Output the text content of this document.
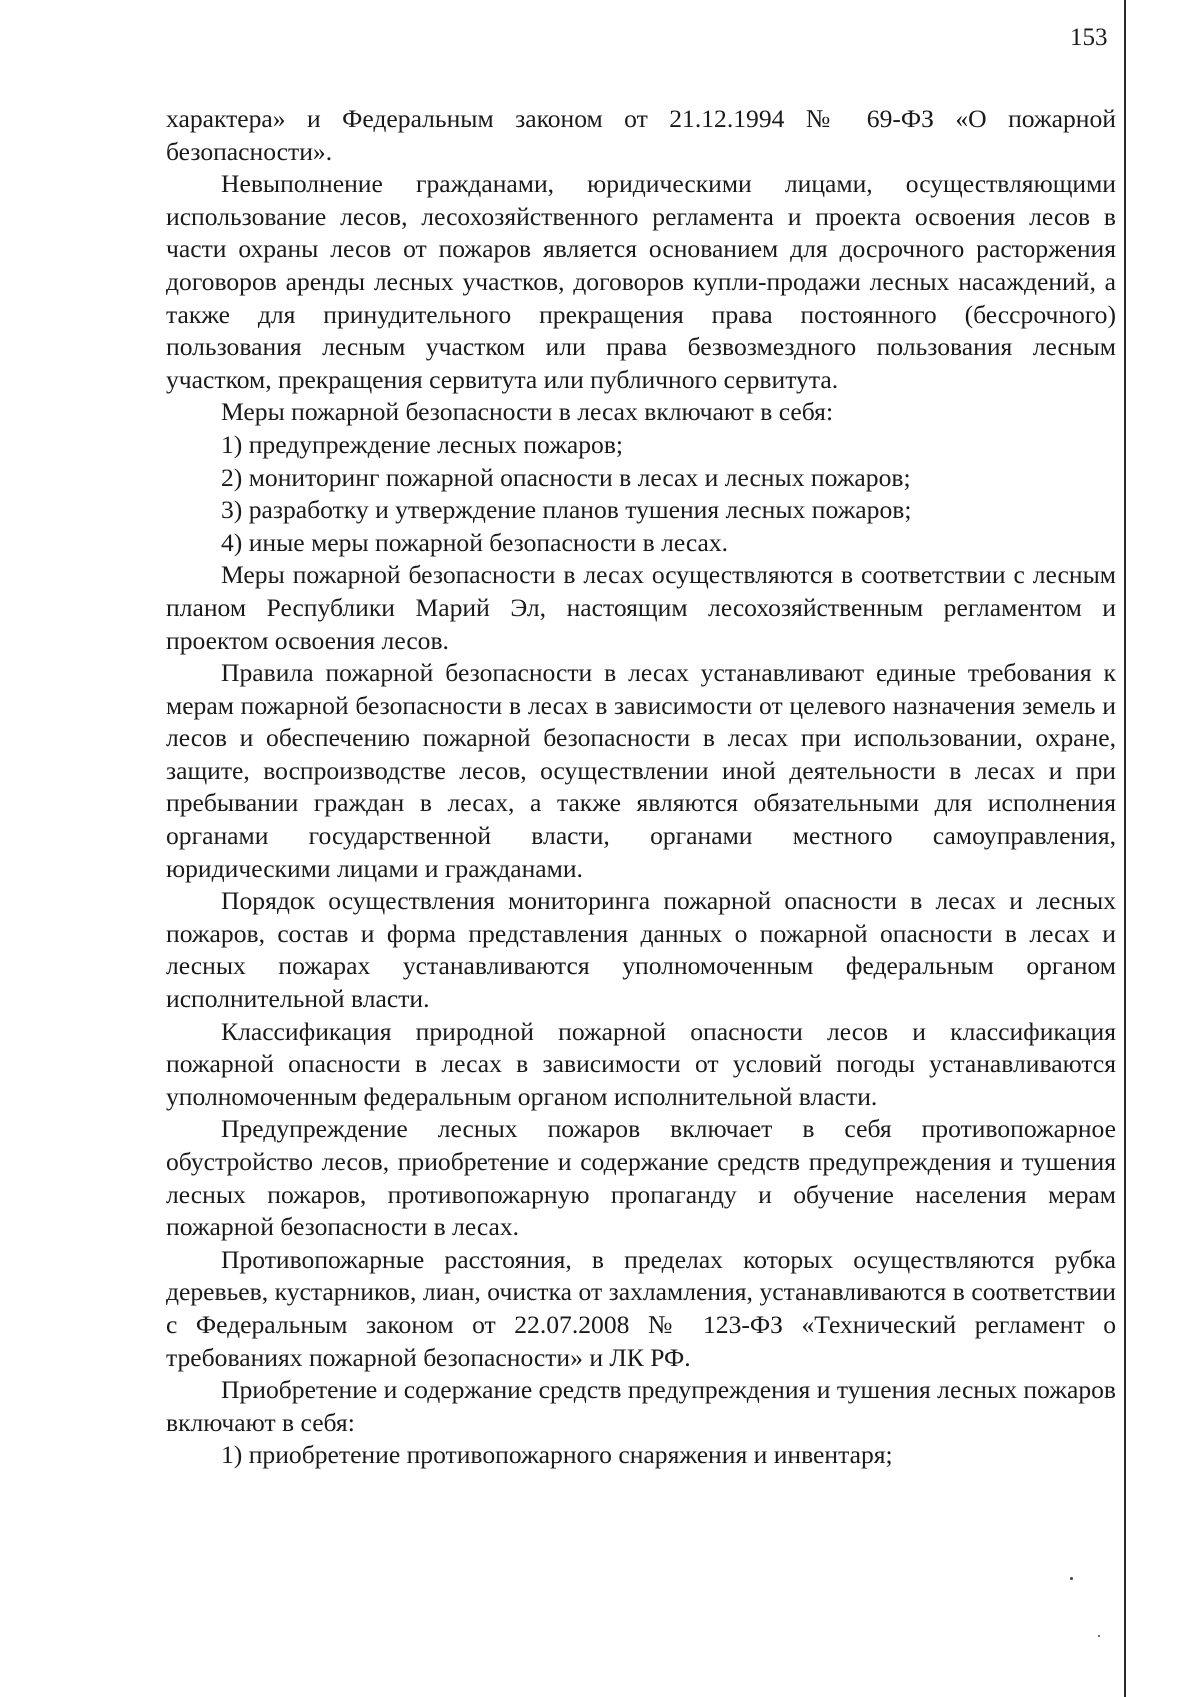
153

характера» и Федеральным законом от 21.12.1994 № 69-ФЗ «О пожарной безопасности».

Невыполнение гражданами, юридическими лицами, осуществляющими использование лесов, лесохозяйственного регламента и проекта освоения лесов в части охраны лесов от пожаров является основанием для досрочного расторжения договоров аренды лесных участков, договоров купли-продажи лесных насаждений, а также для принудительного прекращения права постоянного (бессрочного) пользования лесным участком или права безвозмездного пользования лесным участком, прекращения сервитута или публичного сервитута.

Меры пожарной безопасности в лесах включают в себя:

1) предупреждение лесных пожаров;

2) мониторинг пожарной опасности в лесах и лесных пожаров;

3) разработку и утверждение планов тушения лесных пожаров;

4) иные меры пожарной безопасности в лесах.

Меры пожарной безопасности в лесах осуществляются в соответствии с лесным планом Республики Марий Эл, настоящим лесохозяйственным регламентом и проектом освоения лесов.

Правила пожарной безопасности в лесах устанавливают единые требования к мерам пожарной безопасности в лесах в зависимости от целевого назначения земель и лесов и обеспечению пожарной безопасности в лесах при использовании, охране, защите, воспроизводстве лесов, осуществлении иной деятельности в лесах и при пребывании граждан в лесах, а также являются обязательными для исполнения органами государственной власти, органами местного самоуправления, юридическими лицами и гражданами.

Порядок осуществления мониторинга пожарной опасности в лесах и лесных пожаров, состав и форма представления данных о пожарной опасности в лесах и лесных пожарах устанавливаются уполномоченным федеральным органом исполнительной власти.

Классификация природной пожарной опасности лесов и классификация пожарной опасности в лесах в зависимости от условий погоды устанавливаются уполномоченным федеральным органом исполнительной власти.

Предупреждение лесных пожаров включает в себя противопожарное обустройство лесов, приобретение и содержание средств предупреждения и тушения лесных пожаров, противопожарную пропаганду и обучение населения мерам пожарной безопасности в лесах.

Противопожарные расстояния, в пределах которых осуществляются рубка деревьев, кустарников, лиан, очистка от захламления, устанавливаются в соответствии с Федеральным законом от 22.07.2008 № 123-ФЗ «Технический регламент о требованиях пожарной безопасности» и ЛК РФ.

Приобретение и содержание средств предупреждения и тушения лесных пожаров включают в себя:

1) приобретение противопожарного снаряжения и инвентаря;
